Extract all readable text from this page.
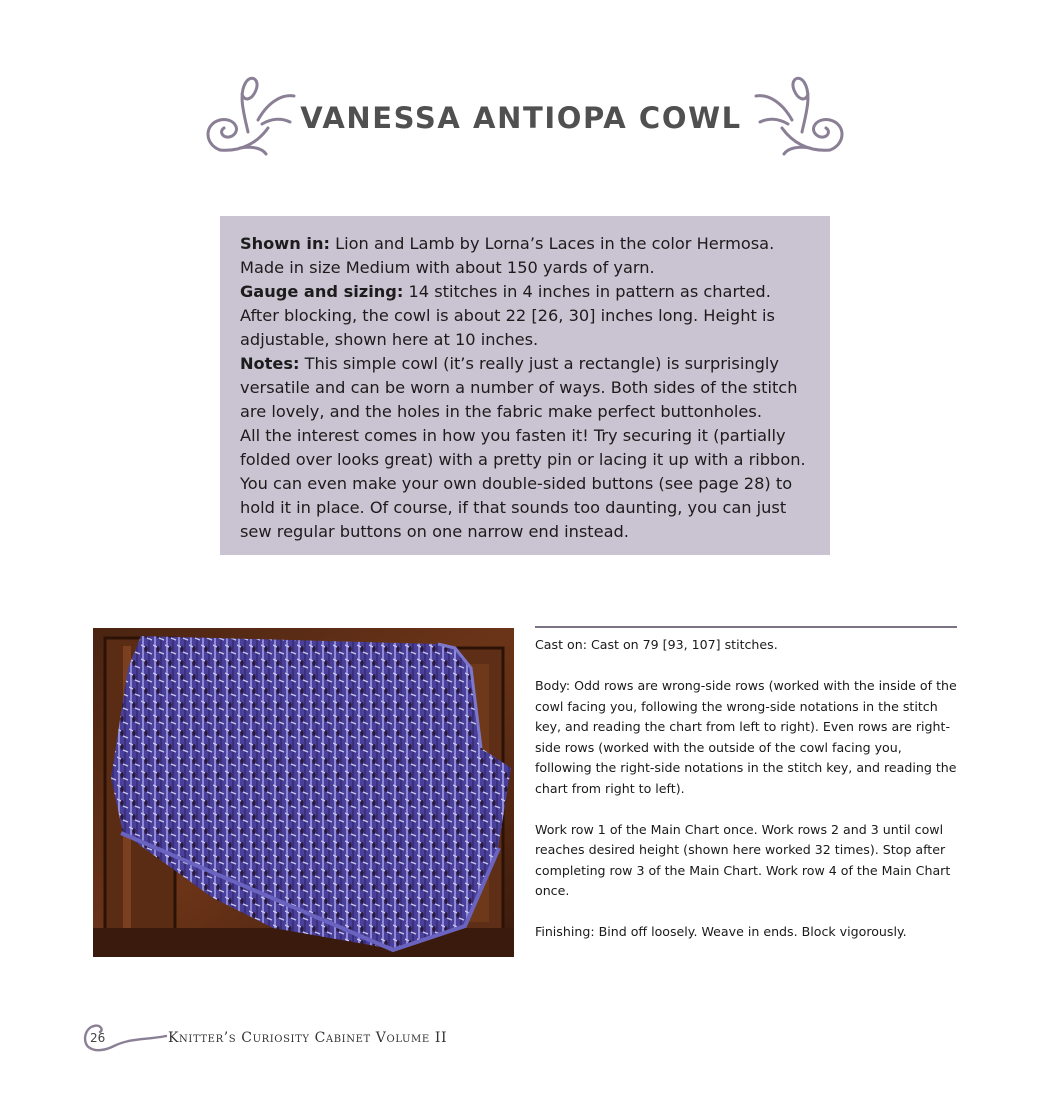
VANESSA ANTIOPA COWL

Shown in: Lion and Lamb by Lorna’s Laces in the color Hermosa. Made in size Medium with about 150 yards of yarn.

Gauge and sizing: 14 stitches in 4 inches in pattern as charted. After blocking, the cowl is about 22 [26, 30] inches long. Height is adjustable, shown here at 10 inches.

Notes: This simple cowl (it’s really just a rectangle) is surprisingly versatile and can be worn a number of ways. Both sides of the stitch are lovely, and the holes in the fabric make perfect buttonholes.

All the interest comes in how you fasten it! Try securing it (partially folded over looks great) with a pretty pin or lacing it up with a ribbon. You can even make your own double-sided buttons (see page 28) to hold it in place. Of course, if that sounds too daunting, you can just sew regular buttons on one narrow end instead.

Cast on: Cast on 79 [93, 107] stitches.

Body: Odd rows are wrong-side rows (worked with the inside of the cowl facing you, following the wrong-side notations in the stitch key, and reading the chart from left to right). Even rows are right-side rows (worked with the outside of the cowl facing you, following the right-side notations in the stitch key, and reading the chart from right to left).

Work row 1 of the Main Chart once. Work rows 2 and 3 until cowl reaches desired height (shown here worked 32 times). Stop after completing row 3 of the Main Chart. Work row 4 of the Main Chart once.

Finishing: Bind off loosely. Weave in ends. Block vigorously.

26	Knitter’s Curiosity Cabinet Volume II
